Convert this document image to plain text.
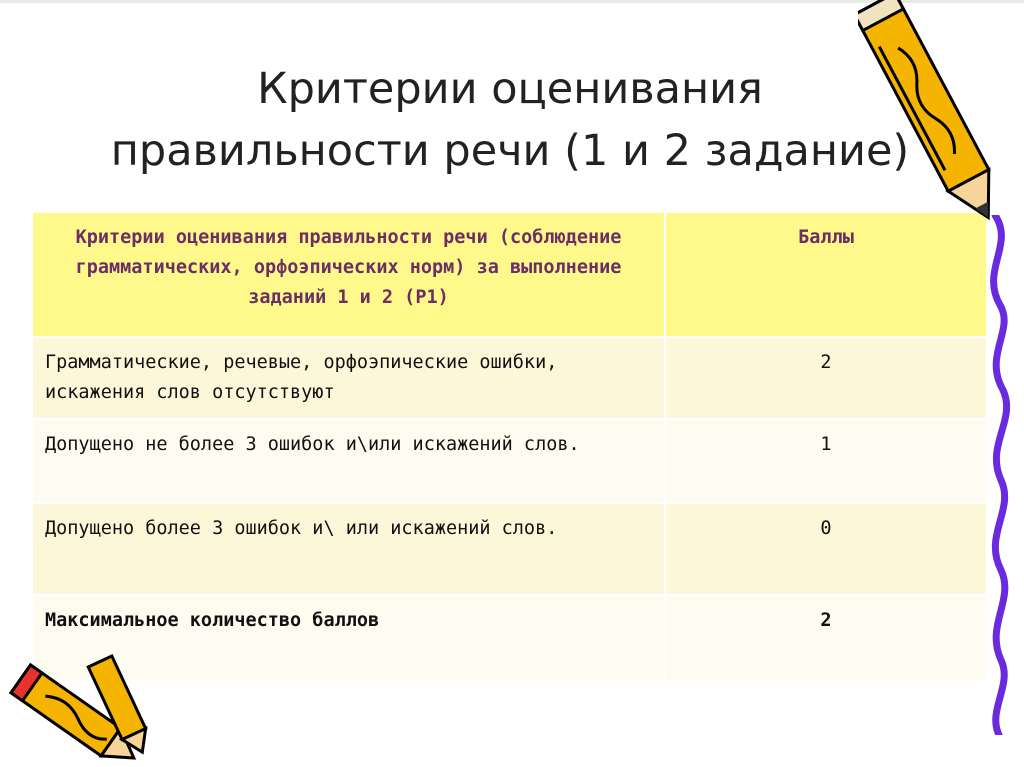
Критерии оценивания
правильности речи (1 и 2 задание)
Критерии оценивания правильности речи (соблюдение грамматических, орфоэпических норм) за выполнение заданий 1 и 2 (Р1)	Баллы
Грамматические, речевые, орфоэпические ошибки, искажения слов отсутствуют	2
Допущено не более 3 ошибок и\или искажений слов.	1
Допущено более 3 ошибок и\ или искажений слов.	0
Максимальное количество баллов	2
